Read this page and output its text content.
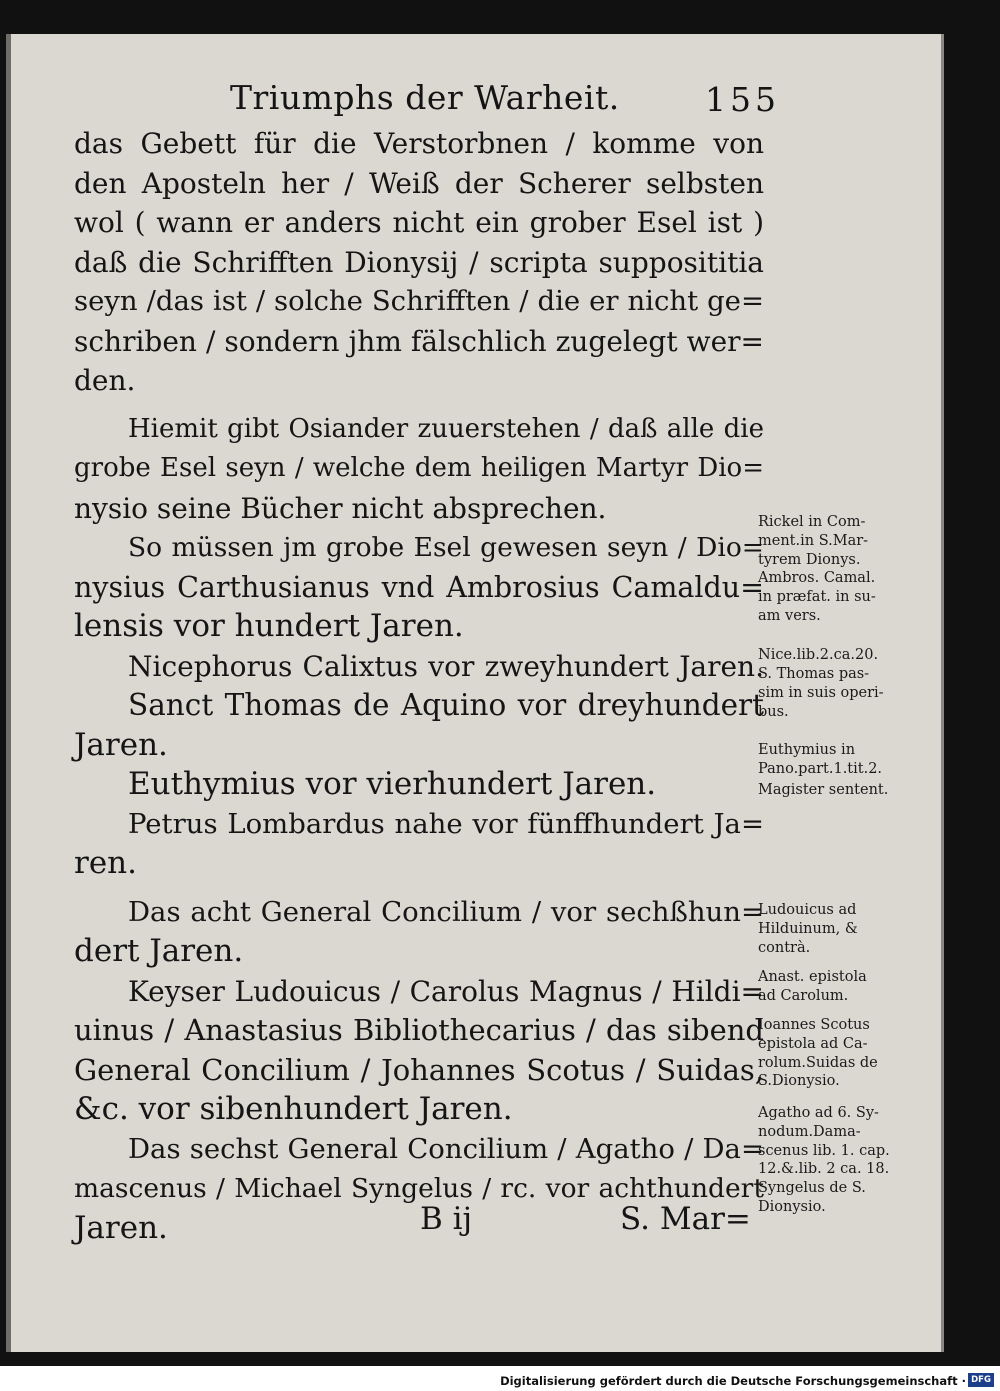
Triumphs der Warheit.	155
das Gebett für die Verstorbnen / komme von
den Aposteln her / Weiß der Scherer selbsten
wol ( wann er anders nicht ein grober Esel ist )
daß die Schrifften Dionysij / scripta supposititia
seyn /das ist / solche Schrifften / die er nicht ge=
schriben / sondern jhm fälschlich zugelegt wer=
den.
Hiemit gibt Osiander zuuerstehen / daß alle die
grobe Esel seyn / welche dem heiligen Martyr Dio=
nysio seine Bücher nicht absprechen.
So müssen jm grobe Esel gewesen seyn / Dio=
nysius Carthusianus vnd Ambrosius Camaldu=
lensis vor hundert Jaren.
Nicephorus Calixtus vor zweyhundert Jaren.
Sanct Thomas de Aquino vor dreyhundert
Jaren.
Euthymius vor vierhundert Jaren.
Petrus Lombardus nahe vor fünffhundert Ja=
ren.
Das acht General Concilium / vor sechßhun=
dert Jaren.
Keyser Ludouicus / Carolus Magnus / Hildi=
uinus / Anastasius Bibliothecarius / das sibend
General Concilium / Johannes Scotus / Suidas,
&c. vor sibenhundert Jaren.
Das sechst General Concilium / Agatho / Da=
mascenus / Michael Syngelus / rc. vor achthundert
Jaren.	B ij	S. Mar=
Rickel in Com-
ment.in S.Mar-
tyrem Dionys.
Ambros. Camal.
in præfat. in su-
am vers.
Nice.lib.2.ca.20.
S. Thomas pas-
sim in suis operi-
bus.
Euthymius in
Pano.part.1.tit.2.
Magister sentent.
Ludouicus ad
Hilduinum, &
contrà.
Anast. epistola
ad Carolum.
Ioannes Scotus
epistola ad Ca-
rolum.Suidas de
S.Dionysio.
Agatho ad 6. Sy-
nodum.Dama-
scenus lib. 1. cap.
12.&.lib. 2 ca. 18.
Syngelus de S.
Dionysio.
Digitalisierung gefördert durch die Deutsche Forschungsgemeinschaft · DFG
